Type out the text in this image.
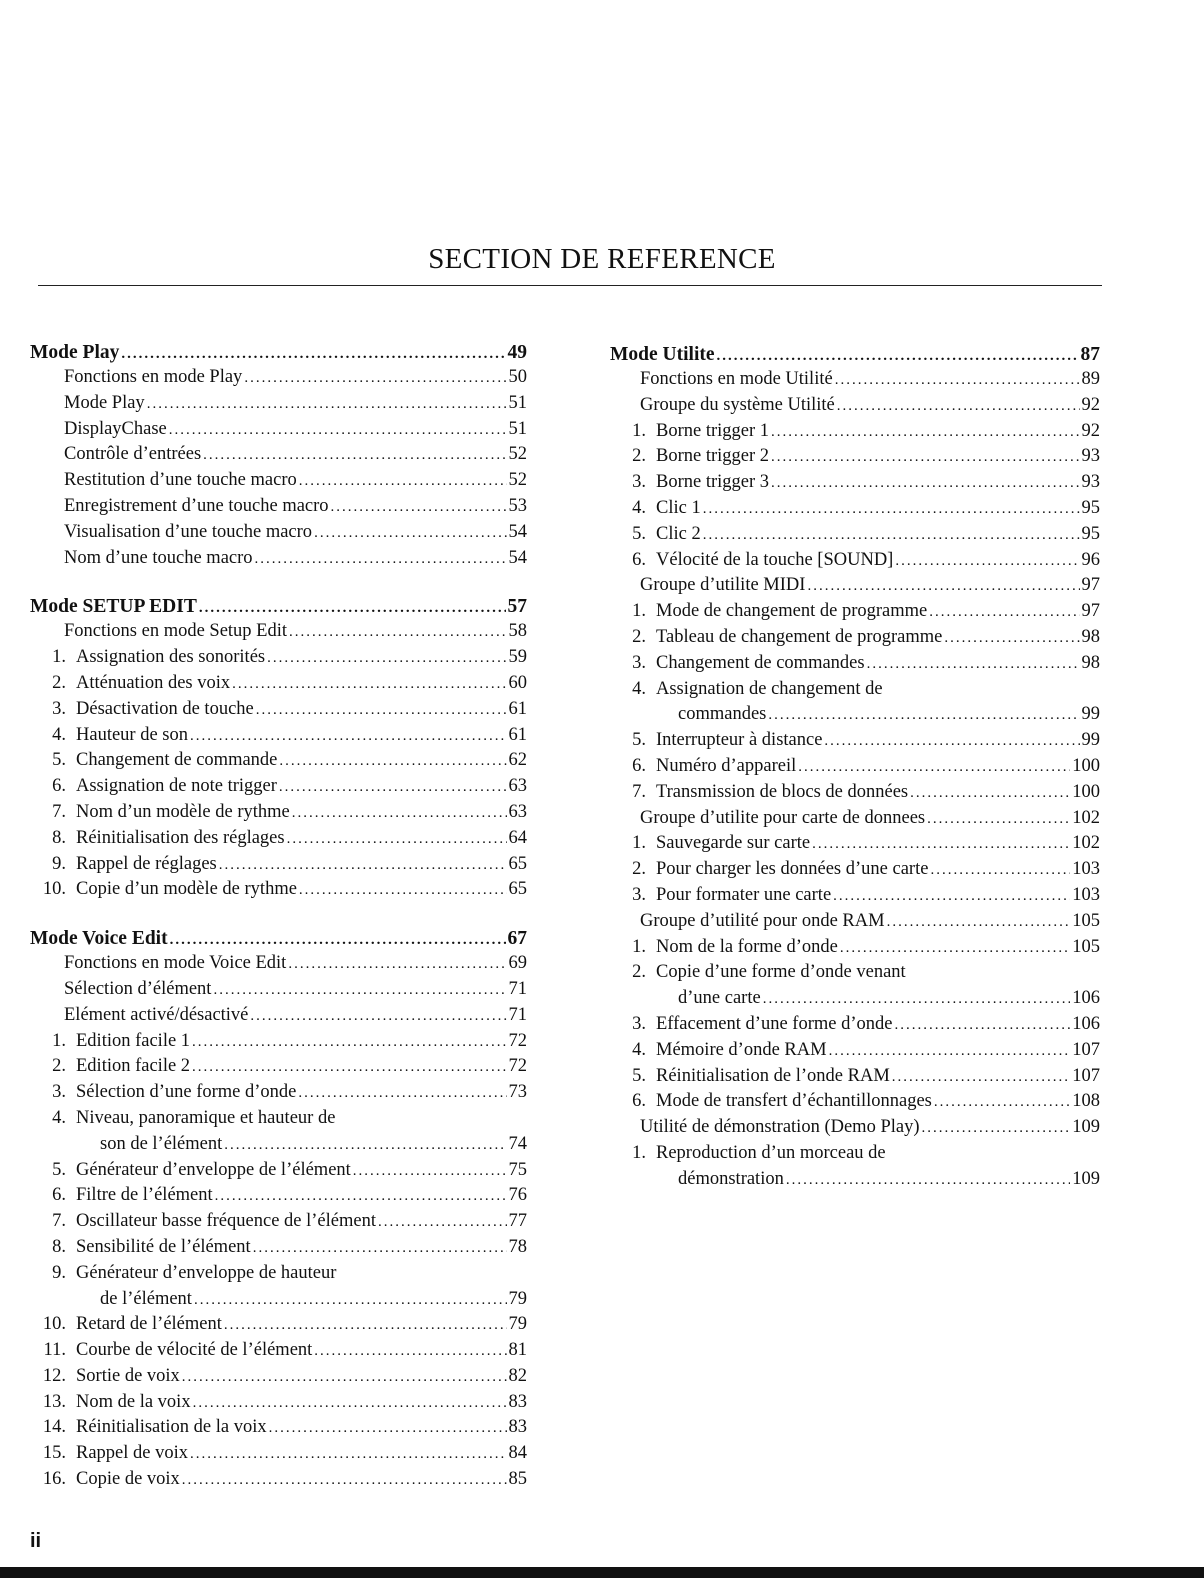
SECTION DE REFERENCE
Mode Play .....	49
Fonctions en mode Play .....	50
Mode Play .....	51
DisplayChase .....	51
Contrôle d’entrées .....	52
Restitution d’une touche macro .....	52
Enregistrement d’une touche macro .....	53
Visualisation d’une touche macro .....	54
Nom d’une touche macro .....	54
Mode SETUP EDIT .....	57
Fonctions en mode Setup Edit .....	58
1. Assignation des sonorités .....	59
2. Atténuation des voix .....	60
3. Désactivation de touche .....	61
4. Hauteur de son .....	61
5. Changement de commande .....	62
6. Assignation de note trigger .....	63
7. Nom d’un modèle de rythme .....	63
8. Réinitialisation des réglages .....	64
9. Rappel de réglages .....	65
10. Copie d’un modèle de rythme .....	65
Mode Voice Edit .....	67
Fonctions en mode Voice Edit .....	69
Sélection d’élément .....	71
Elément activé/désactivé .....	71
1. Edition facile 1 .....	72
2. Edition facile 2 .....	72
3. Sélection d’une forme d’onde .....	73
4. Niveau, panoramique et hauteur de
son de l’élément .....	74
5. Générateur d’enveloppe de l’élément .....	75
6. Filtre de l’élément .....	76
7. Oscillateur basse fréquence de l’élément .....	77
8. Sensibilité de l’élément .....	78
9. Générateur d’enveloppe de hauteur
de l’élément .....	79
10. Retard de l’élément .....	79
11. Courbe de vélocité de l’élément .....	81
12. Sortie de voix .....	82
13. Nom de la voix .....	83
14. Réinitialisation de la voix .....	83
15. Rappel de voix .....	84
16. Copie de voix .....	85
Mode Utilite .....	87
Fonctions en mode Utilité .....	89
Groupe du système Utilité .....	92
1. Borne trigger 1 .....	92
2. Borne trigger 2 .....	93
3. Borne trigger 3 .....	93
4. Clic 1 .....	95
5. Clic 2 .....	95
6. Vélocité de la touche [SOUND] .....	96
Groupe d’utilite MIDI .....	97
1. Mode de changement de programme .....	97
2. Tableau de changement de programme .....	98
3. Changement de commandes .....	98
4. Assignation de changement de
commandes .....	99
5. Interrupteur à distance .....	99
6. Numéro d’appareil .....	100
7. Transmission de blocs de données .....	100
Groupe d’utilite pour carte de donnees .....	102
1. Sauvegarde sur carte .....	102
2. Pour charger les données d’une carte .....	103
3. Pour formater une carte .....	103
Groupe d’utilité pour onde RAM .....	105
1. Nom de la forme d’onde .....	105
2. Copie d’une forme d’onde venant
d’une carte .....	106
3. Effacement d’une forme d’onde .....	106
4. Mémoire d’onde RAM .....	107
5. Réinitialisation de l’onde RAM .....	107
6. Mode de transfert d’échantillonnages .....	108
Utilité de démonstration (Demo Play) .....	109
1. Reproduction d’un morceau de
démonstration .....	109
ii
